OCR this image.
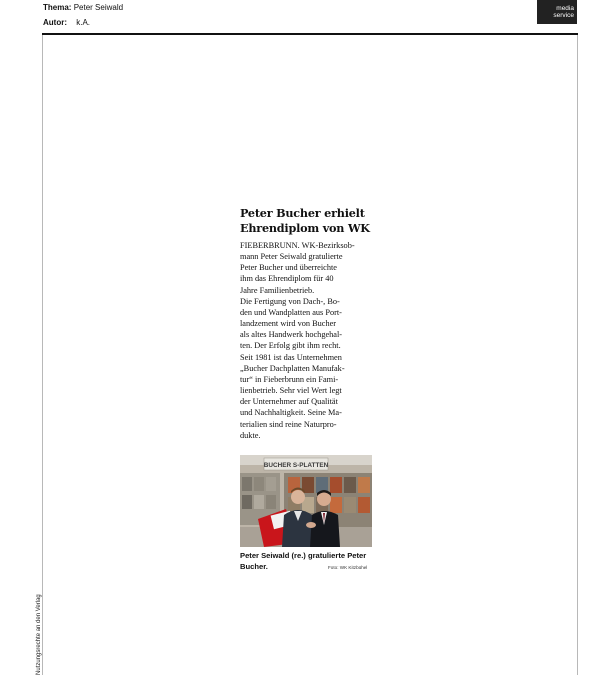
Thema: Peter Seiwald
Autor: k.A.
media
service
Nutzungsrechte an den Verlag
Peter Bucher erhielt
Ehrendiplom von WK
FIEBERBRUNN. WK-Bezirksob-
mann Peter Seiwald gratulierte
Peter Bucher und überreichte
ihm das Ehrendiplom für 40
Jahre Familienbetrieb.
Die Fertigung von Dach-, Bo-
den und Wandplatten aus Port-
landzement wird von Bucher
als altes Handwerk hochgehal-
ten. Der Erfolg gibt ihm recht.
Seit 1981 ist das Unternehmen
„Bucher Dachplatten Manufak-
tur“ in Fieberbrunn ein Fami-
lienbetrieb. Sehr viel Wert legt
der Unternehmer auf Qualität
und Nachhaltigkeit. Seine Ma-
terialien sind reine Naturpro-
dukte.
BUCHER S-PLATTEN
Peter Seiwald (re.) gratulierte Peter
Bucher.	Foto: WK Kitzbühel
